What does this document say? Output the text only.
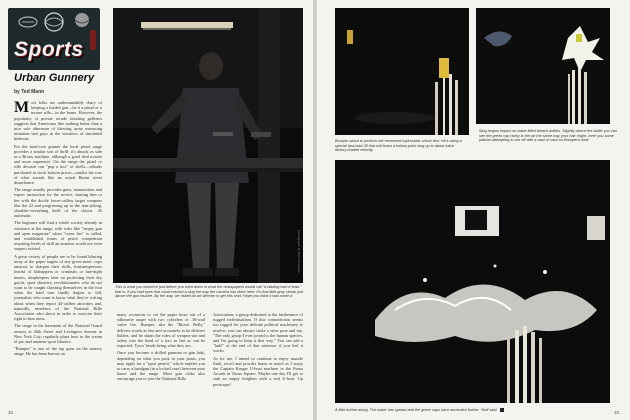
Sports
Urban Gunnery
by Ted Mann

Most folks are understandably chary of keeping a loaded gun—be it a pistol or a mouse rifle—in the home. However, the popularity of private arcade shooting galleries suggests that Americans like nothing better than a nice safe afternoon of blowing away menacing imitation bad guys in the windows of simulated hideouts.

For the hard-core gunner the local pistol range provides a similar sort of thrill: it's almost as safe as a Bronx machine, although a good deal noisier and more expensive. On the range the pistol or rifle devotee can "pop a box" of shells—reloads purchased at stock bottom prices—amidst the roar of what sounds like an actual Beirut street disturbance.

The range usually provides guns, ammunition and expert instruction for the novice, starting him or her with the docile lower-caliber target weapons like the 22 and progressing up to the arm-jolting, shoulder-wrenching thrill of the classic .45 automatic.

The beginner will find a whole society already in existence at the range, with rules like "empty gun and open magazine" when "cease fire" is called, and established forms of pistol competition requiring levels of skill an amateur would not even suspect existed.

A great variety of people are to be found blasting away at the paper targets of any given meet: cops anxious to sharpen their skills, businesspersons fearful of kidnappers or criminals or late-night muses, shopkeepers bent on protecting their dry goods, sport shooters, revolutionaries who do not want to be caught shooting themselves in the foot when the hard turn finally begins to fall, journalists who want to know what they're writing about when they report 44-caliber atrocities and, naturally, members of the National Rifle Association who shoot in order to exercise their right to bear arms.

The range in the basement of the National Guard armory at 26th Street and Lexington Avenue in New York City, regularly plays host to the cream of pro and amateur sport blasters.

"Bumper" is one of the top guns on the armory range. He has been known on

Photographs by Nick Nussbaum
This is what you would've just before you went down in what the newspapers would call "a blazing hail of lead." that is, if you had eyes that could resolve a slug the way the camera has done here. It's that little gray streak just above the gun muzzle. By the way, we risked an art director to get this shot. Hope you think it was worth it.

many occasions to cut the paper heart out of a silhouette target with two cylinders of .38-wad cutter fire. Bumper, aka the "Bionic Belly," delivers words as fast and accurately as he delivers bullets, and he shuns the rules of weapon-use and safety into the head of a tyro as fast as can be expected. Tyros' heads being what they are.

Once you become a skilled gunman or gun lady, depending on what you pack in your pants, you may apply for a "sport permit," which entitles you to carry a handgun (in a locked case) between your home and the range. Most gun clubs also encourage you to join the National Rifle

Association, a group dedicated to the furtherance of rugged individualism. If this contradiction seems too rugged for your delicate political machinery to resolve, you can always strike a stern pose and say, "The only group I ever joined is the human species, and I'm going to keep it that way." You can add a "hah!" at the end of that sentence if you feel it works.

As for me, I intend to continue to enjoy muzzle flash, recoil and powder burns as much as I enjoy the Captain Kruger U-boat machine in the Fumo Arcade in Times Square. Maybe one day I'll get to sink an empty freighter with a real U-boat. Up periscope!

Bumper about to perform the renowned hydrostatic shock test. He's using a special fast-load 38 that will boost a hollow-point slug up to about twice factory-loaded velocity.
Slug begins impact on water-filled bleach bottles. Slightly above the bottle you can see the green cap rising to the air the same way your hair might, were you some judicial attempting to run off with a wad of cash on Bumper's heat.
A little further along. The water has spread and the green caps have ascended further. 'Nuff said.
32	33
